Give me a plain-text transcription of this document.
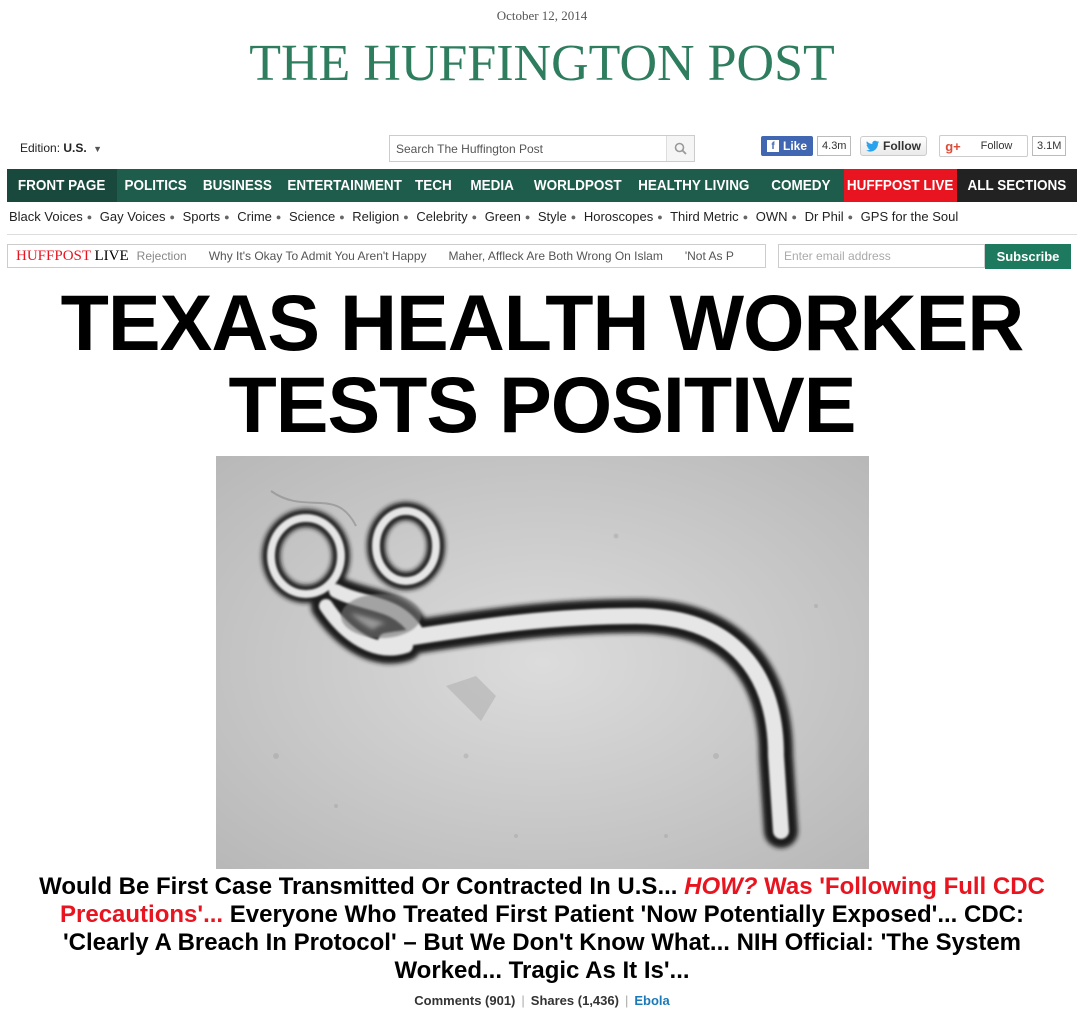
October 12, 2014
THE HUFFINGTON POST
Edition: U.S. ▼
Search The Huffington Post	f Like	4.3m	Follow	g+	Follow	3.1M
FRONT PAGE POLITICS BUSINESS ENTERTAINMENT TECH MEDIA WORLDPOST HEALTHY LIVING COMEDY HUFFPOST LIVE ALL SECTIONS
Black Voices ● Gay Voices ● Sports ● Crime ● Science ● Religion ● Celebrity ● Green ● Style ● Horoscopes ● Third Metric ● OWN ● Dr Phil ● GPS for the Soul
HUFFPOST LIVE Rejection Why It's Okay To Admit You Aren't Happy Maher, Affleck Are Both Wrong On Islam 'Not As P
Enter email address	Subscribe
TEXAS HEALTH WORKER
TESTS POSITIVE
Would Be First Case Transmitted Or Contracted In U.S... HOW? Was 'Following Full CDC Precautions'... Everyone Who Treated First Patient 'Now Potentially Exposed'... CDC: 'Clearly A Breach In Protocol' – But We Don't Know What... NIH Official: 'The System Worked... Tragic As It Is'...
Comments (901) | Shares (1,436) | Ebola
